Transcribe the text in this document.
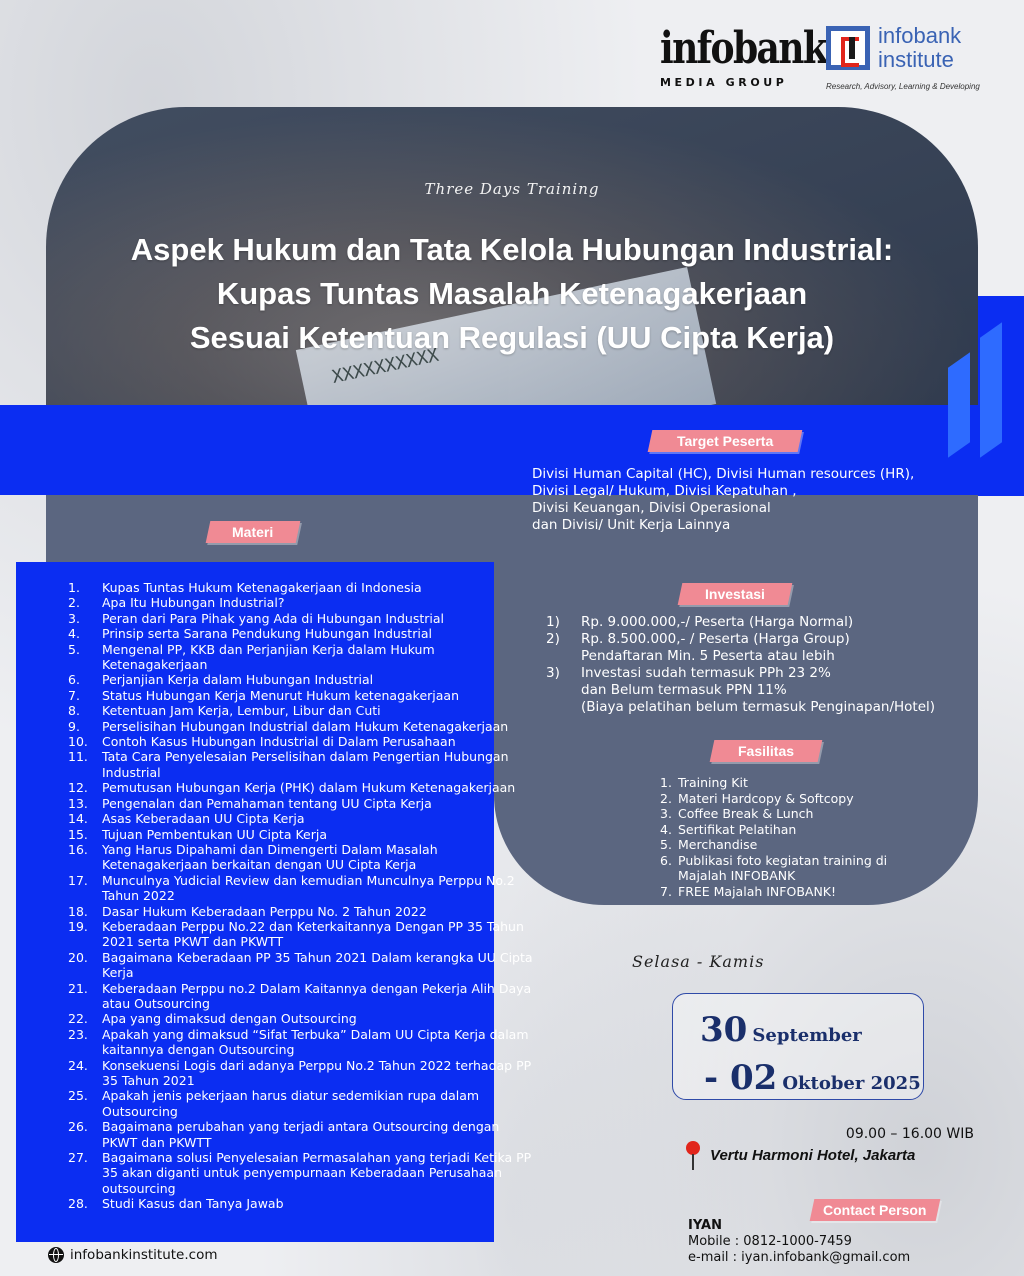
infobank
MEDIA GROUP
infobank institute
Research, Advisory, Learning & Developing
XXXXXXXXXX
Three Days Training
Aspek Hukum dan Tata Kelola Hubungan Industrial:
Kupas Tuntas Masalah Ketenagakerjaan
Sesuai Ketentuan Regulasi (UU Cipta Kerja)
Target Peserta
Divisi Human Capital (HC), Divisi Human resources (HR),
Divisi Legal/ Hukum, Divisi Kepatuhan ,
Divisi Keuangan, Divisi Operasional
dan Divisi/ Unit Kerja Lainnya
Materi
1.	Kupas Tuntas Hukum Ketenagakerjaan di Indonesia
2.	Apa Itu Hubungan Industrial?
3.	Peran dari Para Pihak yang Ada di Hubungan Industrial
4.	Prinsip serta Sarana Pendukung Hubungan Industrial
5.	Mengenal PP, KKB dan Perjanjian Kerja dalam Hukum Ketenagakerjaan
6.	Perjanjian Kerja dalam Hubungan Industrial
7.	Status Hubungan Kerja Menurut Hukum ketenagakerjaan
8.	Ketentuan Jam Kerja, Lembur, Libur dan Cuti
9.	Perselisihan Hubungan Industrial dalam Hukum Ketenagakerjaan
10.	Contoh Kasus Hubungan Industrial di Dalam Perusahaan
11.	Tata Cara Penyelesaian Perselisihan dalam Pengertian Hubungan Industrial
12.	Pemutusan Hubungan Kerja (PHK) dalam Hukum Ketenagakerjaan
13.	Pengenalan dan Pemahaman tentang UU Cipta Kerja
14.	Asas Keberadaan UU Cipta Kerja
15.	Tujuan Pembentukan UU Cipta Kerja
16.	Yang Harus Dipahami dan Dimengerti Dalam Masalah Ketenagakerjaan berkaitan dengan UU Cipta Kerja
17.	Munculnya Yudicial Review dan kemudian Munculnya Perppu No.2 Tahun 2022
18.	Dasar Hukum Keberadaan Perppu No. 2 Tahun 2022
19.	Keberadaan Perppu No.22 dan Keterkaitannya Dengan PP 35 Tahun 2021 serta PKWT dan PKWTT
20.	Bagaimana Keberadaan PP 35 Tahun 2021 Dalam kerangka UU Cipta Kerja
21.	Keberadaan Perppu no.2 Dalam Kaitannya dengan Pekerja Alih Daya atau Outsourcing
22.	Apa yang dimaksud dengan Outsourcing
23.	Apakah yang dimaksud “Sifat Terbuka” Dalam UU Cipta Kerja dalam kaitannya dengan Outsourcing
24.	Konsekuensi Logis dari adanya Perppu No.2 Tahun 2022 terhadap PP 35 Tahun 2021
25.	Apakah jenis pekerjaan harus diatur sedemikian rupa dalam Outsourcing
26.	Bagaimana perubahan yang terjadi antara Outsourcing dengan PKWT dan PKWTT
27.	Bagaimana solusi Penyelesaian Permasalahan yang terjadi Ketika PP 35 akan diganti untuk penyempurnaan Keberadaan Perusahaan outsourcing
28.	Studi Kasus dan Tanya Jawab
Investasi
1)	Rp. 9.000.000,-/ Peserta (Harga Normal)
2)	Rp. 8.500.000,- / Peserta (Harga Group)
Pendaftaran Min. 5 Peserta atau lebih
3)	Investasi sudah termasuk PPh 23 2%
dan Belum termasuk PPN 11%
(Biaya pelatihan belum termasuk Penginapan/Hotel)
Fasilitas
1. Training Kit
2. Materi Hardcopy & Softcopy
3. Coffee Break & Lunch
4. Sertifikat Pelatihan
5. Merchandise
6. Publikasi foto kegiatan training di Majalah INFOBANK
7. FREE Majalah INFOBANK!
Selasa - Kamis
30 September
- 02 Oktober 2025
09.00 – 16.00 WIB
Vertu Harmoni Hotel, Jakarta
Contact Person
IYAN
Mobile : 0812-1000-7459
e-mail : iyan.infobank@gmail.com
infobankinstitute.com
